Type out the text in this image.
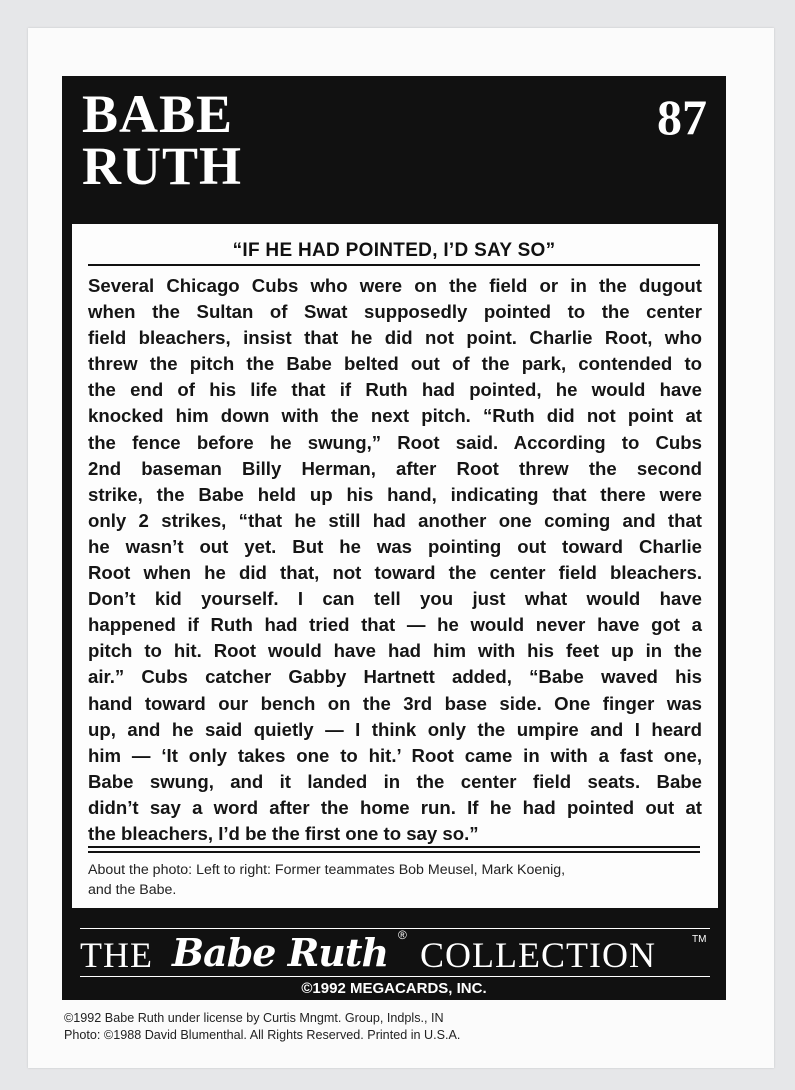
BABE
RUTH
87
“IF HE HAD POINTED, I’D SAY SO”
Several Chicago Cubs who were on the field or in the dugout
when the Sultan of Swat supposedly pointed to the center
field bleachers, insist that he did not point. Charlie Root, who
threw the pitch the Babe belted out of the park, contended to
the end of his life that if Ruth had pointed, he would have
knocked him down with the next pitch. “Ruth did not point at
the fence before he swung,” Root said. According to Cubs
2nd baseman Billy Herman, after Root threw the second
strike, the Babe held up his hand, indicating that there were
only 2 strikes, “that he still had another one coming and that
he wasn’t out yet. But he was pointing out toward Charlie
Root when he did that, not toward the center field bleachers.
Don’t kid yourself. I can tell you just what would have
happened if Ruth had tried that — he would never have got a
pitch to hit. Root would have had him with his feet up in the
air.” Cubs catcher Gabby Hartnett added, “Babe waved his
hand toward our bench on the 3rd base side. One finger was
up, and he said quietly — I think only the umpire and I heard
him — ‘It only takes one to hit.’ Root came in with a fast one,
Babe swung, and it landed in the center field seats. Babe
didn’t say a word after the home run. If he had pointed out at
the bleachers, I’d be the first one to say so.”
About the photo: Left to right: Former teammates Bob Meusel, Mark Koenig,
and the Babe.
THE Babe Ruth ® COLLECTION	TM
©1992 MEGACARDS, INC.
©1992 Babe Ruth under license by Curtis Mngmt. Group, Indpls., IN
Photo: ©1988 David Blumenthal. All Rights Reserved. Printed in U.S.A.
